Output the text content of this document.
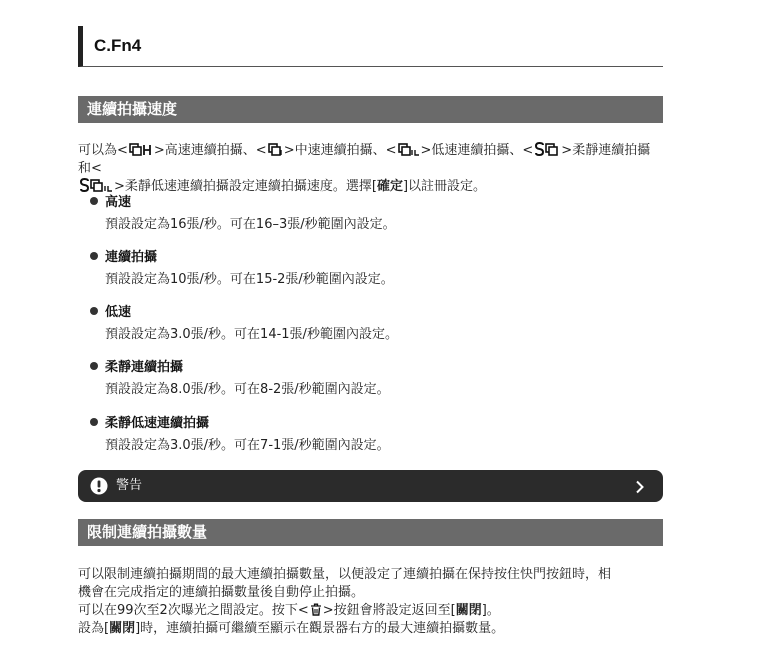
C.Fn4
連續拍攝速度
可以為< >高速連續拍攝、< >中速連續拍攝、< >低速連續拍攝、< >柔靜連續拍攝和<

>柔靜低速連續拍攝設定連續拍攝速度。選擇[確定]以註冊設定。
高速
預設設定為16張/秒。可在16–3張/秒範圍內設定。
連續拍攝
預設設定為10張/秒。可在15-2張/秒範圍內設定。
低速
預設設定為3.0張/秒。可在14-1張/秒範圍內設定。
柔靜連續拍攝
預設設定為8.0張/秒。可在8-2張/秒範圍內設定。
柔靜低速連續拍攝
預設設定為3.0張/秒。可在7-1張/秒範圍內設定。
警告
限制連續拍攝數量
可以限制連續拍攝期間的最大連續拍攝數量，以便設定了連續拍攝在保持按住快門按鈕時，相
機會在完成指定的連續拍攝數量後自動停止拍攝。
可以在99次至2次曝光之間設定。按下< >按鈕會將設定返回至[關閉]。
設為[關閉]時，連續拍攝可繼續至顯示在觀景器右方的最大連續拍攝數量。
